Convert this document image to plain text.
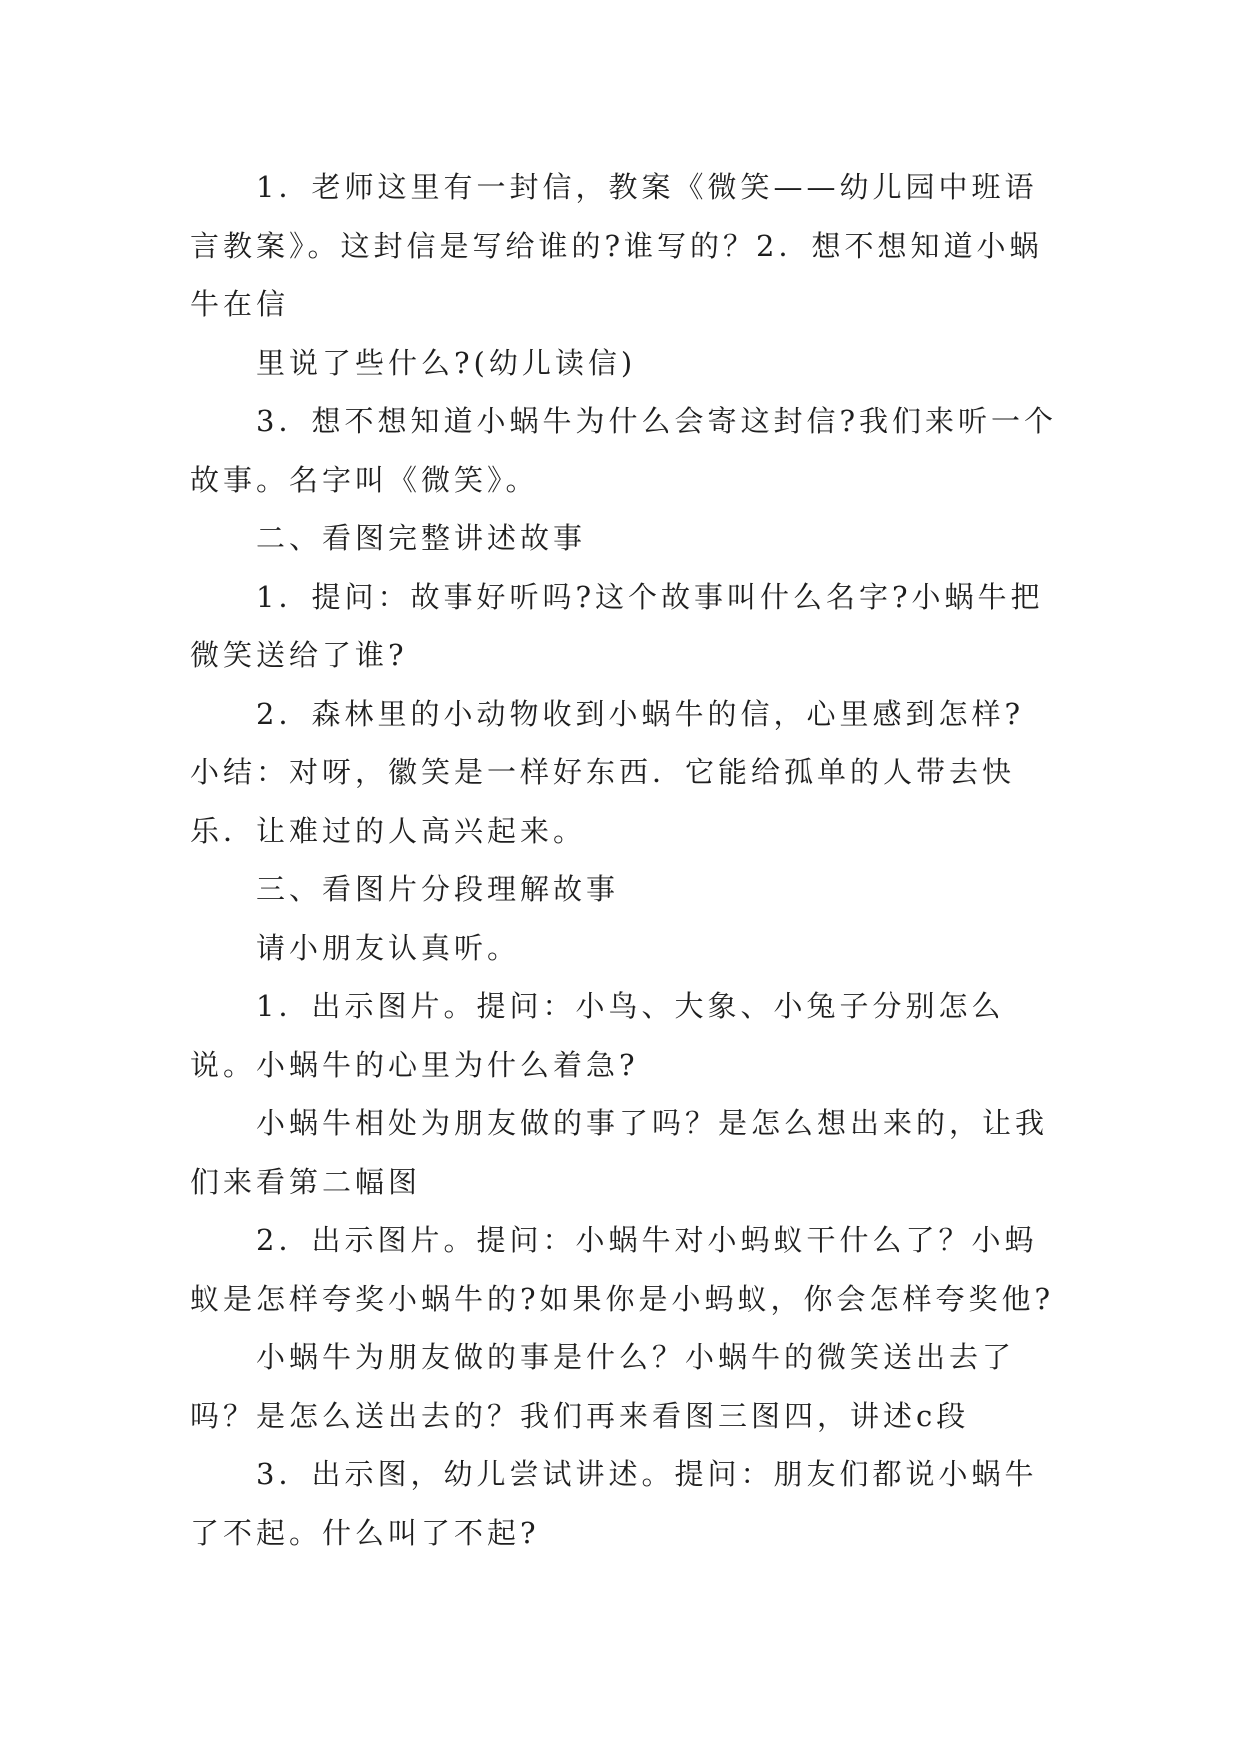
1．老师这里有一封信，教案《微笑——幼儿园中班语言教案》。这封信是写给谁的?谁写的？2．想不想知道小蜗牛在信

里说了些什么?(幼儿读信)

3．想不想知道小蜗牛为什么会寄这封信?我们来听一个故事。名字叫《微笑》。

二、看图完整讲述故事

1．提问：故事好听吗?这个故事叫什么名字?小蜗牛把微笑送给了谁?

2．森林里的小动物收到小蜗牛的信，心里感到怎样?

小结：对呀，徽笑是一样好东西．它能给孤单的人带去快乐．让难过的人高兴起来。

三、看图片分段理解故事

请小朋友认真听。

1．出示图片。提问：小鸟、大象、小兔子分别怎么说。小蜗牛的心里为什么着急?

小蜗牛相处为朋友做的事了吗？是怎么想出来的，让我们来看第二幅图

2．出示图片。提问：小蜗牛对小蚂蚁干什么了？小蚂蚁是怎样夸奖小蜗牛的?如果你是小蚂蚁，你会怎样夸奖他?

小蜗牛为朋友做的事是什么？小蜗牛的微笑送出去了吗？是怎么送出去的？我们再来看图三图四，讲述c段

3．出示图，幼儿尝试讲述。提问：朋友们都说小蜗牛了不起。什么叫了不起?
